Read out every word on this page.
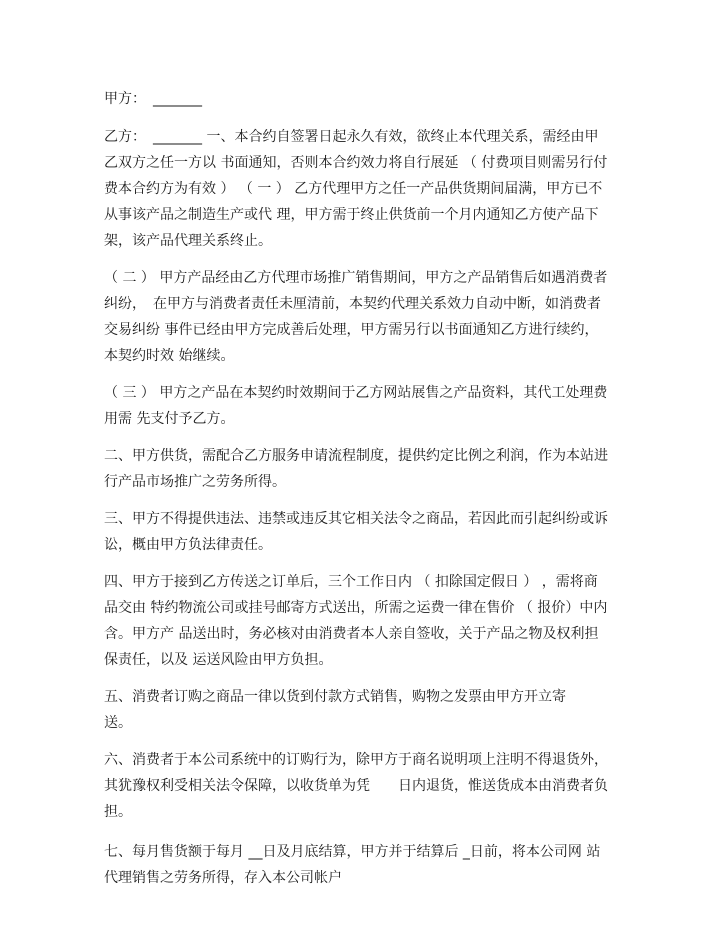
甲方：　_______

乙方：　_______ 一、本合约自签署日起永久有效，欲终止本代理关系，需经由甲乙双方之任一方以 书面通知，否则本合约效力将自行展延 （ 付费项目则需另行付费本合约方为有效 ） （ 一 ） 乙方代理甲方之任一产品供货期间届满，甲方已不从事该产品之制造生产或代 理，甲方需于终止供货前一个月内通知乙方使产品下架，该产品代理关系终止。

（ 二 ） 甲方产品经由乙方代理市场推广销售期间，甲方之产品销售后如遇消费者纠纷，　在甲方与消费者责任未厘清前，本契约代理关系效力自动中断，如消费者交易纠纷 事件已经由甲方完成善后处理，甲方需另行以书面通知乙方进行续约，本契约时效 始继续。

（ 三 ） 甲方之产品在本契约时效期间于乙方网站展售之产品资料，其代工处理费用需 先支付予乙方。

二、甲方供货，需配合乙方服务申请流程制度，提供约定比例之利润，作为本站进 行产品市场推广之劳务所得。

三、甲方不得提供违法、违禁或违反其它相关法令之商品，若因此而引起纠纷或诉 讼，概由甲方负法律责任。

四、甲方于接到乙方传送之订单后，三个工作日内 （ 扣除国定假日 ） ，需将商品交由 特约物流公司或挂号邮寄方式送出，所需之运费一律在售价 （ 报价）中内含。甲方产 品送出时，务必核对由消费者本人亲自签收，关于产品之物及权利担保责任，以及 运送风险由甲方负担。

五、消费者订购之商品一律以货到付款方式销售，购物之发票由甲方开立寄
送。

六、消费者于本公司系统中的订购行为，除甲方于商名说明项上注明不得退货外，　其犹豫权利受相关法令保障，以收货单为凭　　日内退货，惟送货成本由消费者负
担。

七、每月售货额于每月 __日及月底结算，甲方并于结算后 _日前，将本公司网 站代理销售之劳务所得，存入本公司帐户
